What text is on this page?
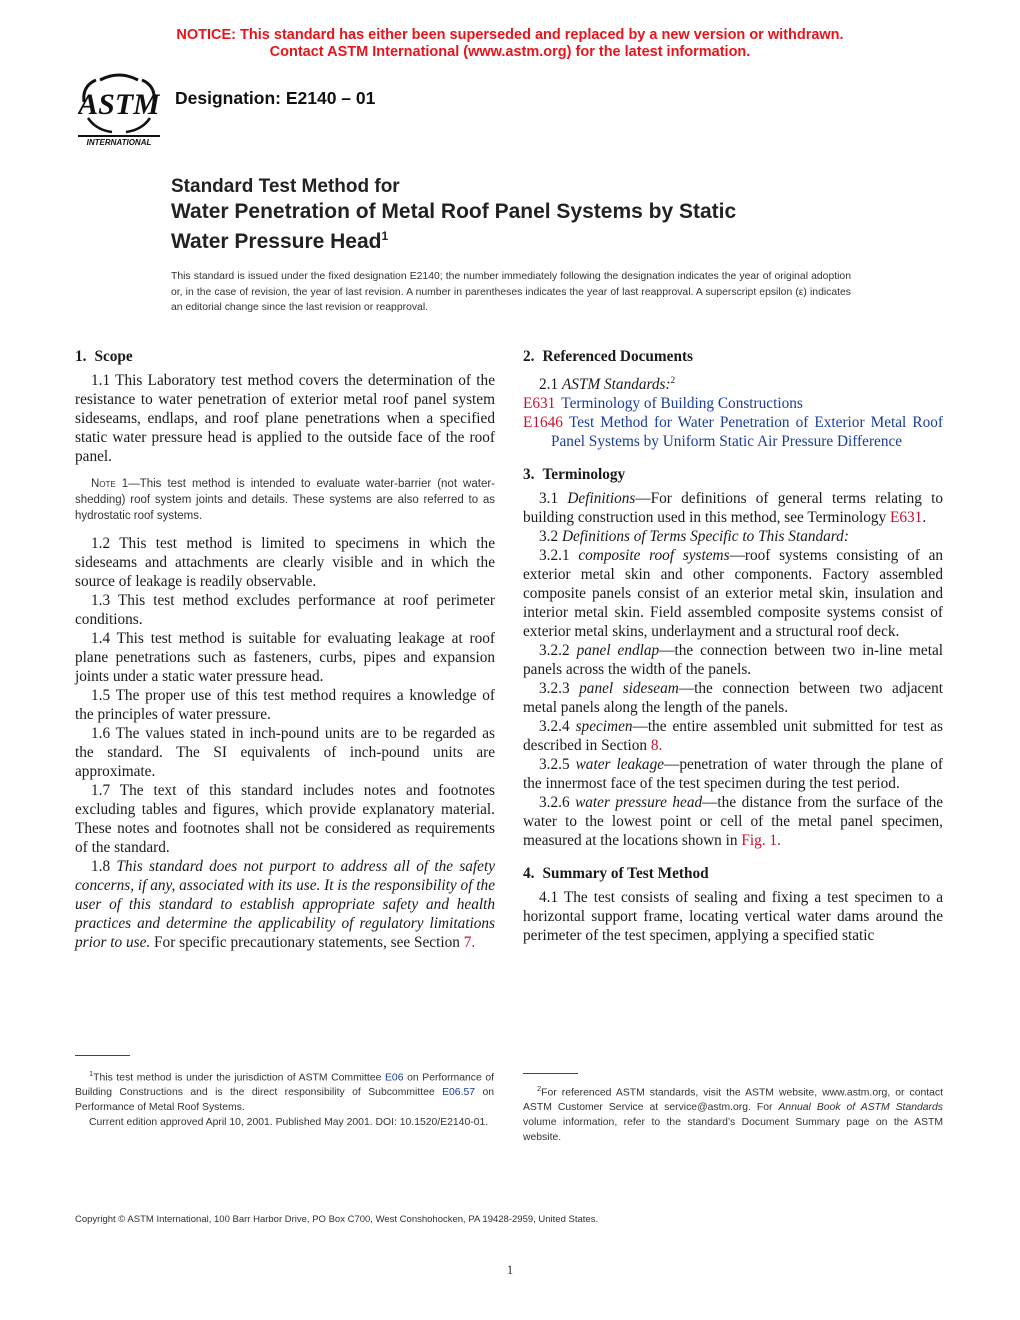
NOTICE: This standard has either been superseded and replaced by a new version or withdrawn.
Contact ASTM International (www.astm.org) for the latest information.
ASTM
INTERNATIONAL
Designation: E2140 – 01
Standard Test Method for
Water Penetration of Metal Roof Panel Systems by Static
Water Pressure Head$^1$
This standard is issued under the fixed designation E2140; the number immediately following the designation indicates the year of original adoption or, in the case of revision, the year of last revision. A number in parentheses indicates the year of last reapproval. A superscript epsilon (ε) indicates an editorial change since the last revision or reapproval.
1. Scope

1.1 This Laboratory test method covers the determination of the resistance to water penetration of exterior metal roof panel system sideseams, endlaps, and roof plane penetrations when a specified static water pressure head is applied to the outside face of the roof panel.

Note 1—This test method is intended to evaluate water-barrier (not water-shedding) roof system joints and details. These systems are also referred to as hydrostatic roof systems.

1.2 This test method is limited to specimens in which the sideseams and attachments are clearly visible and in which the source of leakage is readily observable.

1.3 This test method excludes performance at roof perimeter conditions.

1.4 This test method is suitable for evaluating leakage at roof plane penetrations such as fasteners, curbs, pipes and expansion joints under a static water pressure head.

1.5 The proper use of this test method requires a knowledge of the principles of water pressure.

1.6 The values stated in inch-pound units are to be regarded as the standard. The SI equivalents of inch-pound units are approximate.

1.7 The text of this standard includes notes and footnotes excluding tables and figures, which provide explanatory material. These notes and footnotes shall not be considered as requirements of the standard.

1.8 This standard does not purport to address all of the safety concerns, if any, associated with its use. It is the responsibility of the user of this standard to establish appropriate safety and health practices and determine the applicability of regulatory limitations prior to use. For specific precautionary statements, see Section 7.

2. Referenced Documents

2.1 ASTM Standards:$^2$

E631 Terminology of Building Constructions

E1646 Test Method for Water Penetration of Exterior Metal Roof Panel Systems by Uniform Static Air Pressure Difference

3. Terminology

3.1 Definitions—For definitions of general terms relating to building construction used in this method, see Terminology E631.

3.2 Definitions of Terms Specific to This Standard:

3.2.1 composite roof systems—roof systems consisting of an exterior metal skin and other components. Factory assembled composite panels consist of an exterior metal skin, insulation and interior metal skin. Field assembled composite systems consist of exterior metal skins, underlayment and a structural roof deck.

3.2.2 panel endlap—the connection between two in-line metal panels across the width of the panels.

3.2.3 panel sideseam—the connection between two adjacent metal panels along the length of the panels.

3.2.4 specimen—the entire assembled unit submitted for test as described in Section 8.

3.2.5 water leakage—penetration of water through the plane of the innermost face of the test specimen during the test period.

3.2.6 water pressure head—the distance from the surface of the water to the lowest point or cell of the metal panel specimen, measured at the locations shown in Fig. 1.

4. Summary of Test Method

4.1 The test consists of sealing and fixing a test specimen to a horizontal support frame, locating vertical water dams around the perimeter of the test specimen, applying a specified static

$^1$This test method is under the jurisdiction of ASTM Committee E06 on Performance of Building Constructions and is the direct responsibility of Subcommittee E06.57 on Performance of Metal Roof Systems.

Current edition approved April 10, 2001. Published May 2001. DOI: 10.1520/E2140-01.

$^2$For referenced ASTM standards, visit the ASTM website, www.astm.org, or contact ASTM Customer Service at service@astm.org. For Annual Book of ASTM Standards volume information, refer to the standard’s Document Summary page on the ASTM website.

Copyright © ASTM International, 100 Barr Harbor Drive, PO Box C700, West Conshohocken, PA 19428-2959, United States.
1
